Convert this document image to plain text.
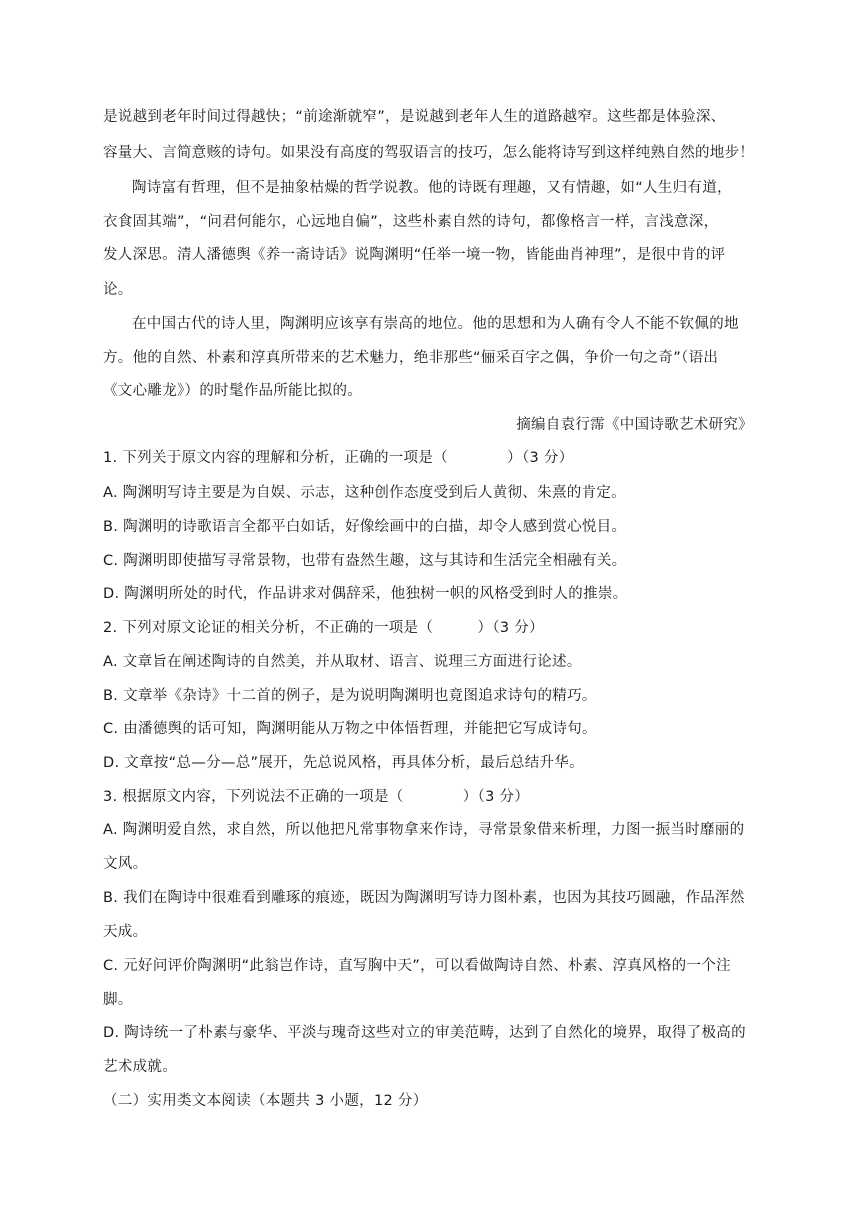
是说越到老年时间过得越快；“前途渐就窄”，是说越到老年人生的道路越窄。这些都是体验深、
容量大、言简意赅的诗句。如果没有高度的驾驭语言的技巧，怎么能将诗写到这样纯熟自然的地步！
陶诗富有哲理，但不是抽象枯燥的哲学说教。他的诗既有理趣，又有情趣，如“人生归有道，
衣食固其端”，“问君何能尔，心远地自偏”，这些朴素自然的诗句，都像格言一样，言浅意深，
发人深思。清人潘德舆《养一斋诗话》说陶渊明“任举一境一物，皆能曲肖神理”，是很中肯的评
论。
在中国古代的诗人里，陶渊明应该享有崇高的地位。他的思想和为人确有令人不能不钦佩的地
方。他的自然、朴素和淳真所带来的艺术魅力，绝非那些“俪采百字之偶，争价一句之奇”（语出
《文心雕龙》）的时髦作品所能比拟的。
摘编自袁行霈《中国诗歌艺术研究》
1. 下列关于原文内容的理解和分析，正确的一项是（　　　　）（3 分）
A. 陶渊明写诗主要是为自娱、示志，这种创作态度受到后人黄彻、朱熹的肯定。
B. 陶渊明的诗歌语言全都平白如话，好像绘画中的白描，却令人感到赏心悦目。
C. 陶渊明即使描写寻常景物，也带有盎然生趣，这与其诗和生活完全相融有关。
D. 陶渊明所处的时代，作品讲求对偶辞采，他独树一帜的风格受到时人的推崇。
2. 下列对原文论证的相关分析，不正确的一项是（　　　）（3 分）
A. 文章旨在阐述陶诗的自然美，并从取材、语言、说理三方面进行论述。
B. 文章举《杂诗》十二首的例子，是为说明陶渊明也竟图追求诗句的精巧。
C. 由潘德舆的话可知，陶渊明能从万物之中体悟哲理，并能把它写成诗句。
D. 文章按“总—分—总”展开，先总说风格，再具体分析，最后总结升华。
3. 根据原文内容，下列说法不正确的一项是（　　　　）（3 分）
A. 陶渊明爱自然，求自然，所以他把凡常事物拿来作诗，寻常景象借来析理，力图一振当时靡丽的
文风。
B. 我们在陶诗中很难看到雕琢的痕迹，既因为陶渊明写诗力图朴素，也因为其技巧圆融，作品浑然
天成。
C. 元好问评价陶渊明“此翁岂作诗，直写胸中天”，可以看做陶诗自然、朴素、淳真风格的一个注
脚。
D. 陶诗统一了朴素与豪华、平淡与瑰奇这些对立的审美范畴，达到了自然化的境界，取得了极高的
艺术成就。
（二）实用类文本阅读（本题共 3 小题，12 分）
